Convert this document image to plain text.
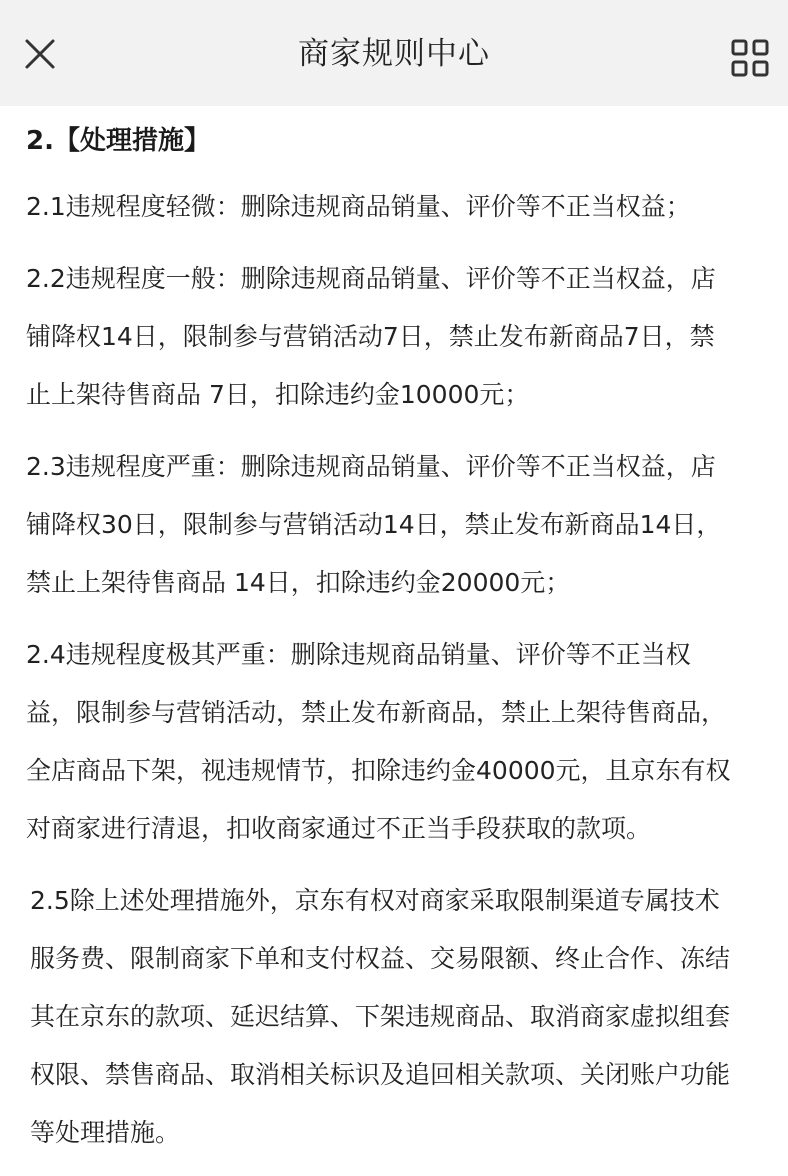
商家规则中心
2.【处理措施】
2.1违规程度轻微：删除违规商品销量、评价等不正当权益；
2.2违规程度一般：删除违规商品销量、评价等不正当权益，店
铺降权14日，限制参与营销活动7日，禁止发布新商品7日，禁
止上架待售商品 7日，扣除违约金10000元；
2.3违规程度严重：删除违规商品销量、评价等不正当权益，店
铺降权30日，限制参与营销活动14日，禁止发布新商品14日，
禁止上架待售商品 14日，扣除违约金20000元；
2.4违规程度极其严重：删除违规商品销量、评价等不正当权
益，限制参与营销活动，禁止发布新商品，禁止上架待售商品，
全店商品下架，视违规情节，扣除违约金40000元，且京东有权
对商家进行清退，扣收商家通过不正当手段获取的款项。
2.5除上述处理措施外，京东有权对商家采取限制渠道专属技术
服务费、限制商家下单和支付权益、交易限额、终止合作、冻结
其在京东的款项、延迟结算、下架违规商品、取消商家虚拟组套
权限、禁售商品、取消相关标识及追回相关款项、关闭账户功能
等处理措施。
